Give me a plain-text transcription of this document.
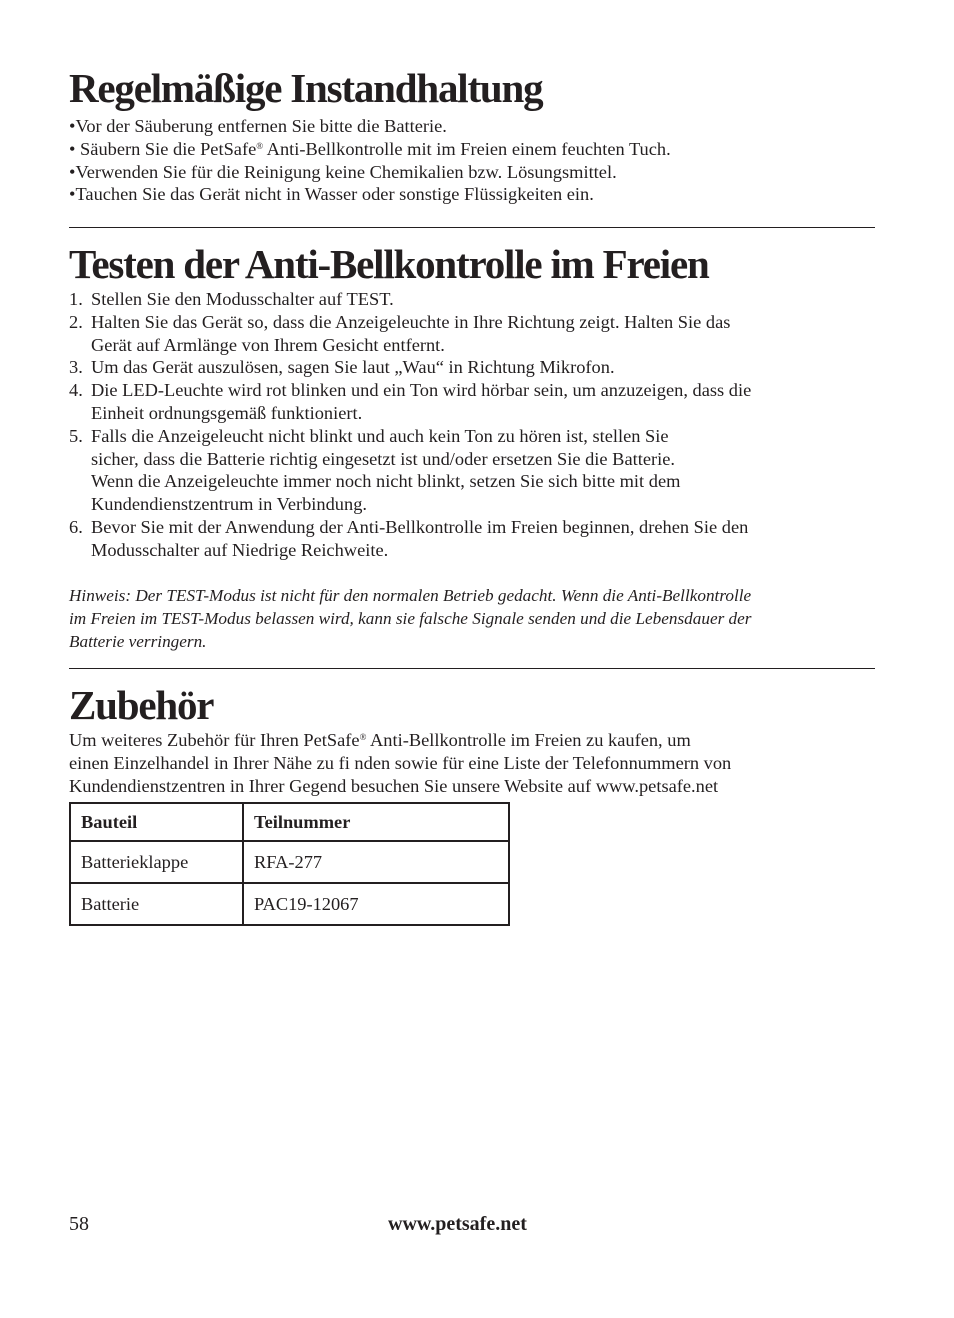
Regelmäßige Instandhaltung
•Vor der Säuberung entfernen Sie bitte die Batterie.
• Säubern Sie die PetSafe® Anti-Bellkontrolle mit im Freien einem feuchten Tuch.
•Verwenden Sie für die Reinigung keine Chemikalien bzw. Lösungsmittel.
•Tauchen Sie das Gerät nicht in Wasser oder sonstige Flüssigkeiten ein.
Testen der Anti-Bellkontrolle im Freien
1. Stellen Sie den Modusschalter auf TEST.
2. Halten Sie das Gerät so, dass die Anzeigeleuchte in Ihre Richtung zeigt. Halten Sie das
Gerät auf Armlänge von Ihrem Gesicht entfernt.
3. Um das Gerät auszulösen, sagen Sie laut „Wau“ in Richtung Mikrofon.
4. Die LED-Leuchte wird rot blinken und ein Ton wird hörbar sein, um anzuzeigen, dass die
Einheit ordnungsgemäß funktioniert.
5. Falls die Anzeigeleucht nicht blinkt und auch kein Ton zu hören ist, stellen Sie
sicher, dass die Batterie richtig eingesetzt ist und/oder ersetzen Sie die Batterie.
Wenn die Anzeigeleuchte immer noch nicht blinkt, setzen Sie sich bitte mit dem
Kundendienstzentrum in Verbindung.
6. Bevor Sie mit der Anwendung der Anti-Bellkontrolle im Freien beginnen, drehen Sie den
Modusschalter auf Niedrige Reichweite.
Hinweis: Der TEST-Modus ist nicht für den normalen Betrieb gedacht. Wenn die Anti-Bellkontrolle
im Freien im TEST-Modus belassen wird, kann sie falsche Signale senden und die Lebensdauer der
Batterie verringern.
Zubehör
Um weiteres Zubehör für Ihren PetSafe® Anti-Bellkontrolle im Freien zu kaufen, um
einen Einzelhandel in Ihrer Nähe zu fi nden sowie für eine Liste der Telefonnummern von
Kundendienstzentren in Ihrer Gegend besuchen Sie unsere Website auf www.petsafe.net
Bauteil	Teilnummer
Batterieklappe	RFA-277
Batterie	PAC19-12067
58	www.petsafe.net
